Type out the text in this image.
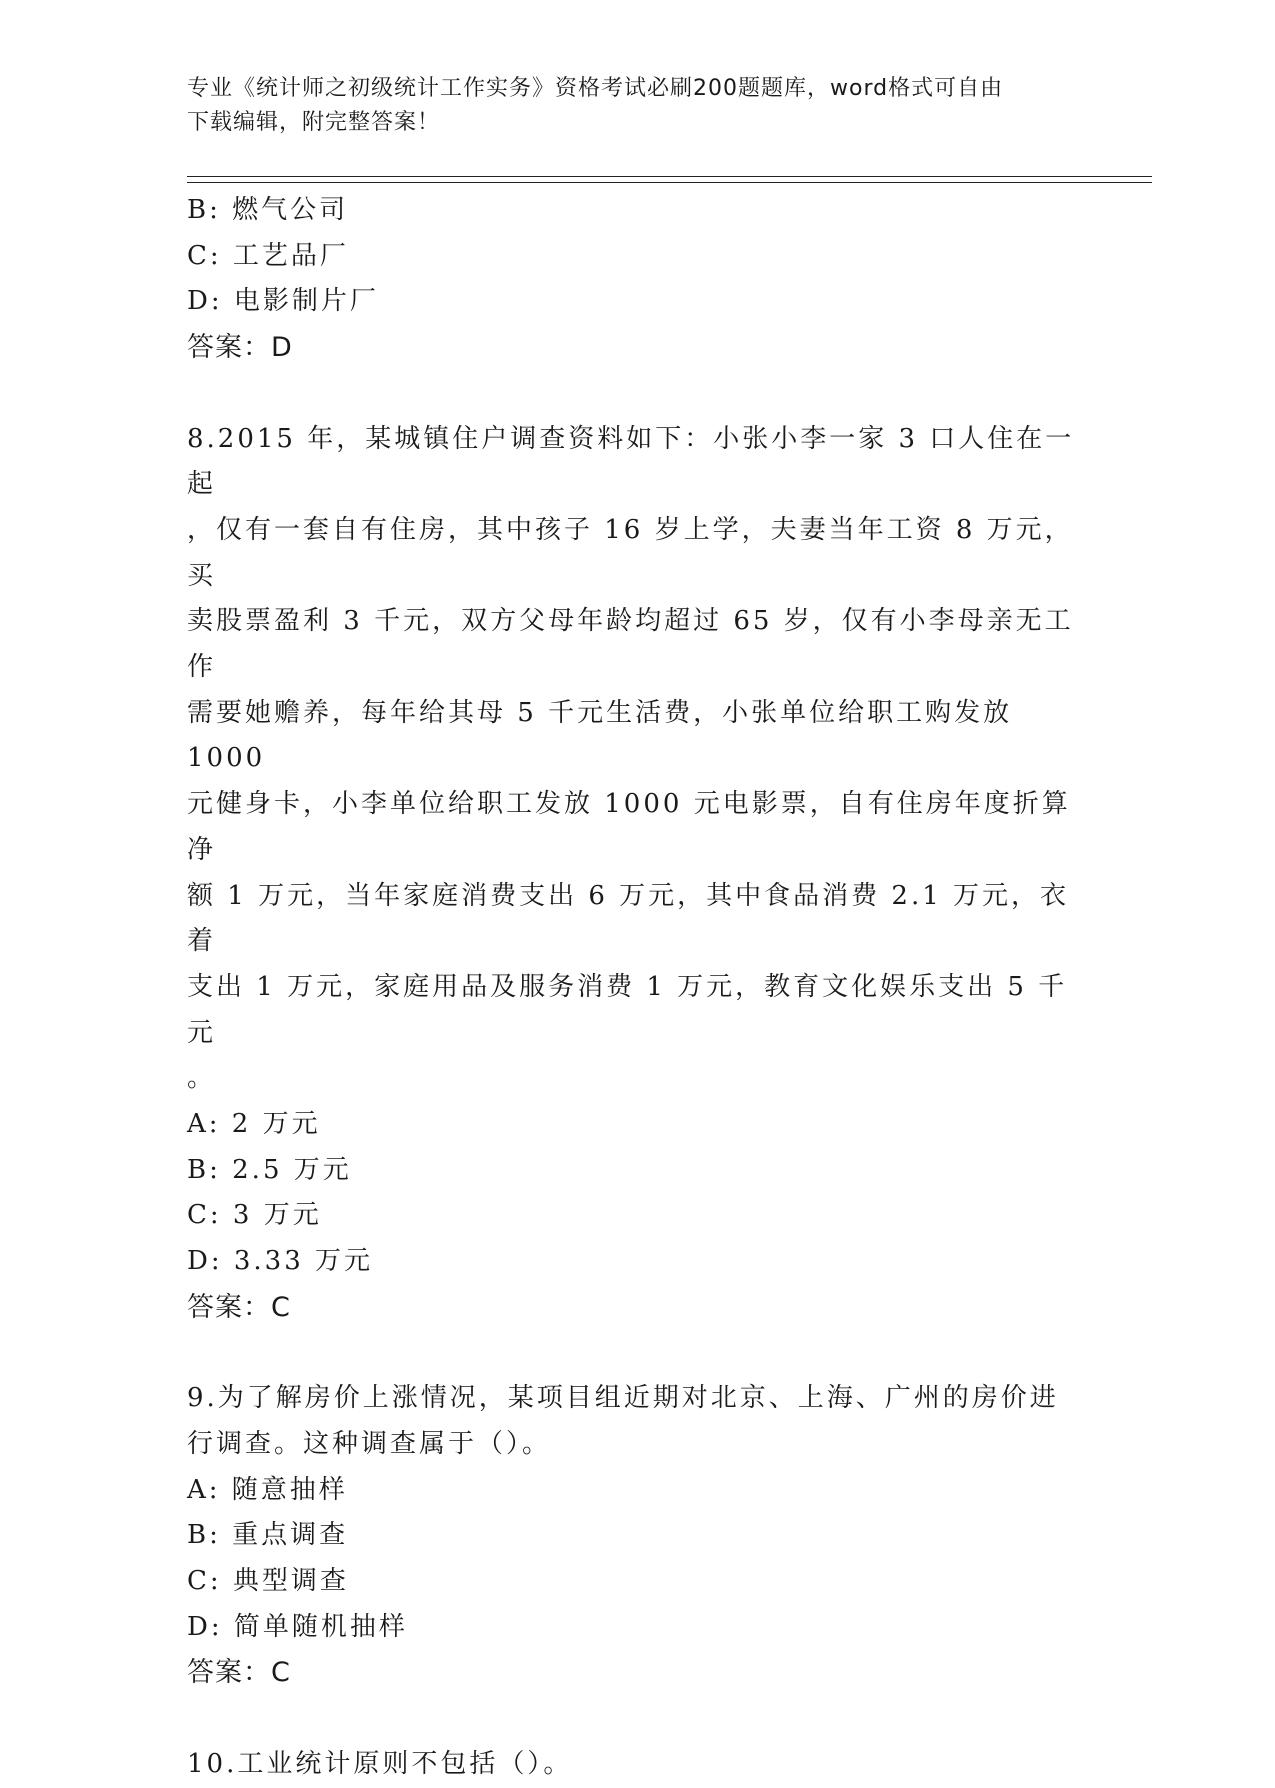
专业《统计师之初级统计工作实务》资格考试必刷200题题库，word格式可自由
下载编辑，附完整答案！
B: 燃气公司
C: 工艺品厂
D: 电影制片厂
答案：D
8.2015 年，某城镇住户调查资料如下：小张小李一家 3 口人住在一起
，仅有一套自有住房，其中孩子 16 岁上学，夫妻当年工资 8 万元，买
卖股票盈利 3 千元，双方父母年龄均超过 65 岁，仅有小李母亲无工作
需要她赡养，每年给其母 5 千元生活费，小张单位给职工购发放 1000
元健身卡，小李单位给职工发放 1000 元电影票，自有住房年度折算净
额 1 万元，当年家庭消费支出 6 万元，其中食品消费 2.1 万元，衣着
支出 1 万元，家庭用品及服务消费 1 万元，教育文化娱乐支出 5 千元
。
A: 2 万元
B: 2.5 万元
C: 3 万元
D: 3.33 万元
答案：C
9.为了解房价上涨情况，某项目组近期对北京、上海、广州的房价进
行调查。这种调查属于（）。
A: 随意抽样
B: 重点调查
C: 典型调查
D: 简单随机抽样
答案：C
10.工业统计原则不包括（）。
